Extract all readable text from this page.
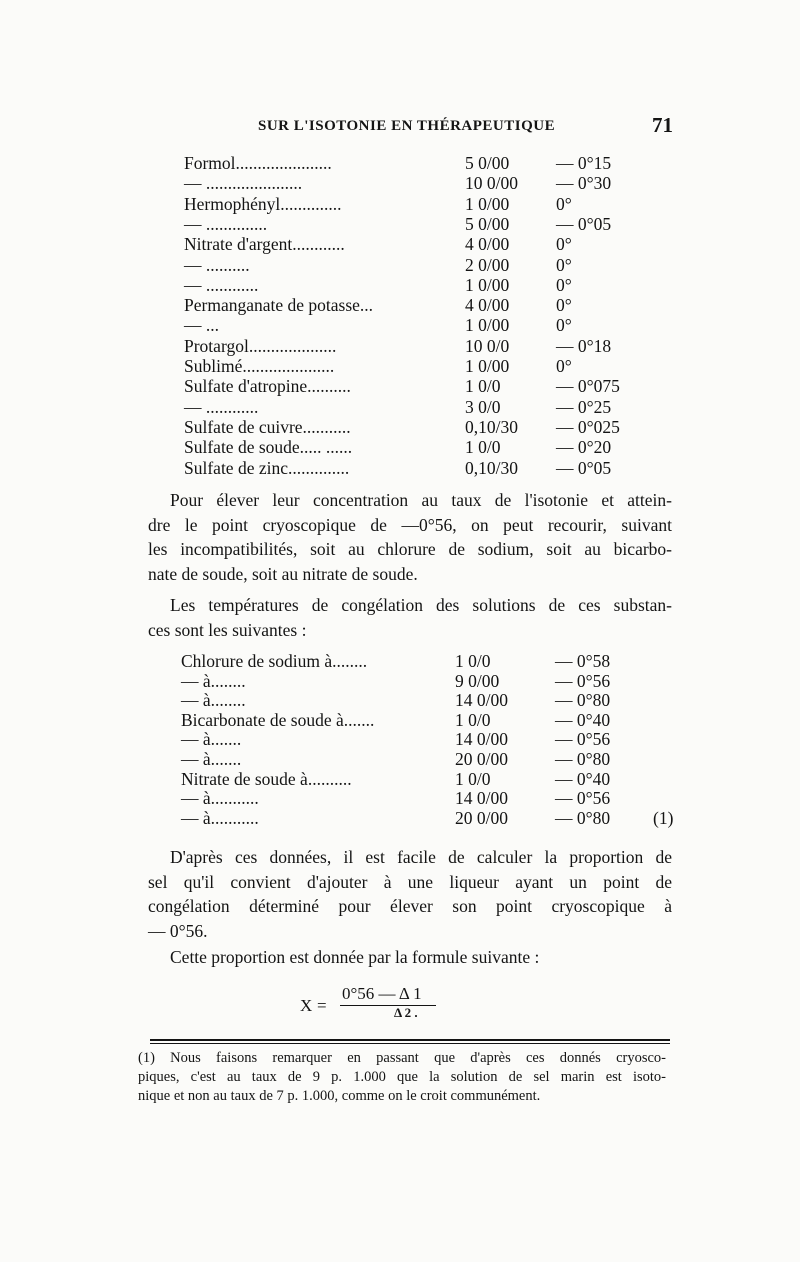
SUR L'ISOTONIE EN THÉRAPEUTIQUE	71
Formol......................	5 0/00	— 0°15
— ......................	10 0/00 — 0°30
Hermophényl..............	1 0/00	0°
— ..............	5 0/00	— 0°05
Nitrate d'argent............	4 0/00	0°
— ..........	2 0/00	0°
— ............	1 0/00	0°
Permanganate de potasse...	4 0/00	0°
— ...	1 0/00	0°
Protargol....................	10 0/0	— 0°18
Sublimé.....................	1 0/00	0°
Sulfate d'atropine..........	1 0/0	— 0°075
— ............	3 0/0	— 0°25
Sulfate de cuivre...........	0,10/30 — 0°025
Sulfate de soude..... ......	1 0/0	— 0°20
Sulfate de zinc..............	0,10/30 — 0°05

Pour élever leur concentration au taux de l'isotonie et attein-
dre le point cryoscopique de —0°56, on peut recourir, suivant
les incompatibilités, soit au chlorure de sodium, soit au bicarbo-
nate de soude, soit au nitrate de soude.

Les températures de congélation des solutions de ces substan-
ces sont les suivantes :

Chlorure de sodium à........	1 0/0	— 0°58
— à........	9 0/00	— 0°56
— à........	14 0/00	— 0°80
Bicarbonate de soude à.......	1 0/0	— 0°40
— à.......	14 0/00	— 0°56
— à.......	20 0/00	— 0°80
Nitrate de soude à..........	1 0/0	— 0°40
— à...........	14 0/00	— 0°56
— à...........	20 0/00	— 0°80 (1)

D'après ces données, il est facile de calculer la proportion de
sel qu'il convient d'ajouter à une liqueur ayant un point de
congélation déterminé pour élever son point cryoscopique à
— 0°56.

Cette proportion est donnée par la formule suivante :

X =
0°56 — Δ 1
Δ 2 .

(1) Nous faisons remarquer en passant que d'après ces donnés cryosco-
piques, c'est au taux de 9 p. 1.000 que la solution de sel marin est isoto-
nique et non au taux de 7 p. 1.000, comme on le croit communément.
